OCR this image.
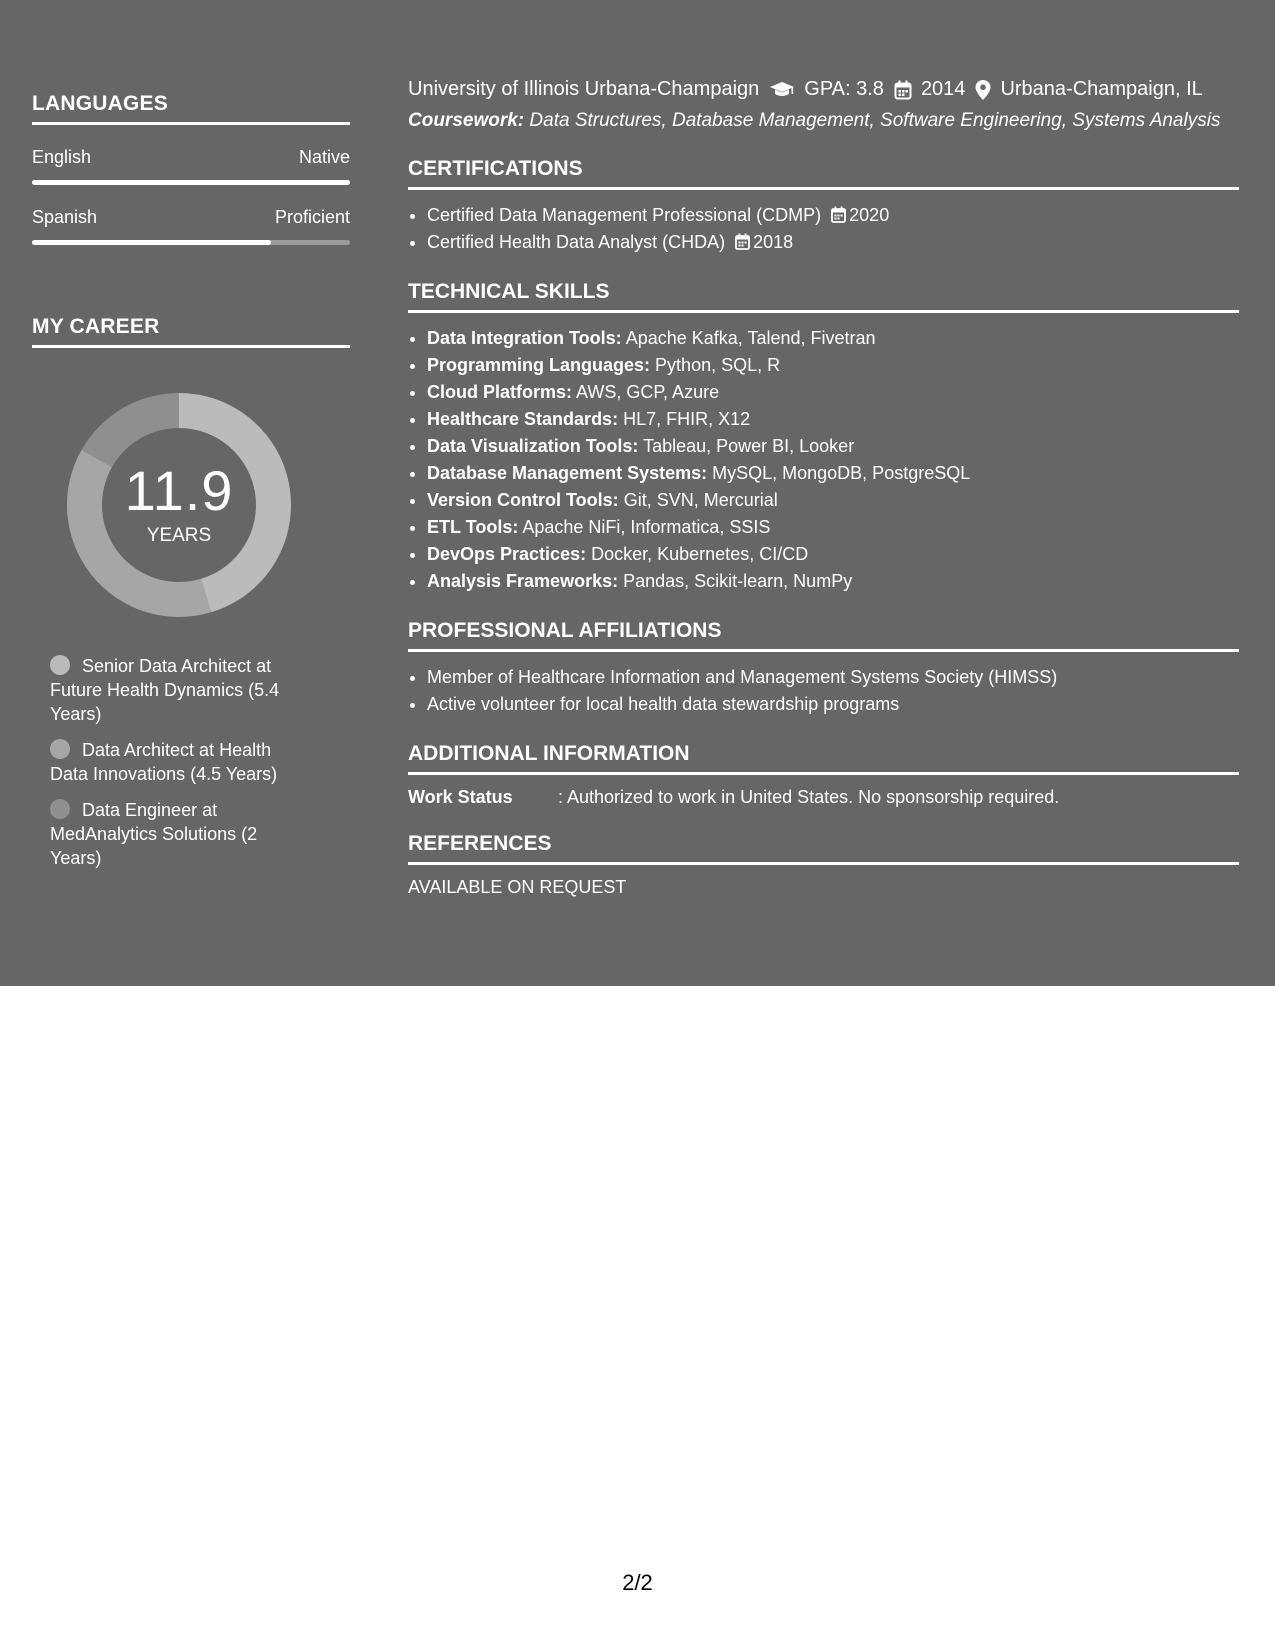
LANGUAGES
English	Native
Spanish	Proficient
MY CAREER
11.9
YEARS
Senior Data Architect at Future Health Dynamics (5.4 Years)
Data Architect at Health Data Innovations (4.5 Years)
Data Engineer at MedAnalytics Solutions (2 Years)
University of Illinois Urbana-Champaign GPA: 3.8 2014 Urbana-Champaign, IL
Coursework: Data Structures, Database Management, Software Engineering, Systems Analysis
CERTIFICATIONS
• Certified Data Management Professional (CDMP) 2020
• Certified Health Data Analyst (CHDA) 2018
TECHNICAL SKILLS
• Data Integration Tools: Apache Kafka, Talend, Fivetran
• Programming Languages: Python, SQL, R
• Cloud Platforms: AWS, GCP, Azure
• Healthcare Standards: HL7, FHIR, X12
• Data Visualization Tools: Tableau, Power BI, Looker
• Database Management Systems: MySQL, MongoDB, PostgreSQL
• Version Control Tools: Git, SVN, Mercurial
• ETL Tools: Apache NiFi, Informatica, SSIS
• DevOps Practices: Docker, Kubernetes, CI/CD
• Analysis Frameworks: Pandas, Scikit-learn, NumPy
PROFESSIONAL AFFILIATIONS
• Member of Healthcare Information and Management Systems Society (HIMSS)
• Active volunteer for local health data stewardship programs
ADDITIONAL INFORMATION
Work Status	: Authorized to work in United States. No sponsorship required.
REFERENCES
AVAILABLE ON REQUEST
2/2
